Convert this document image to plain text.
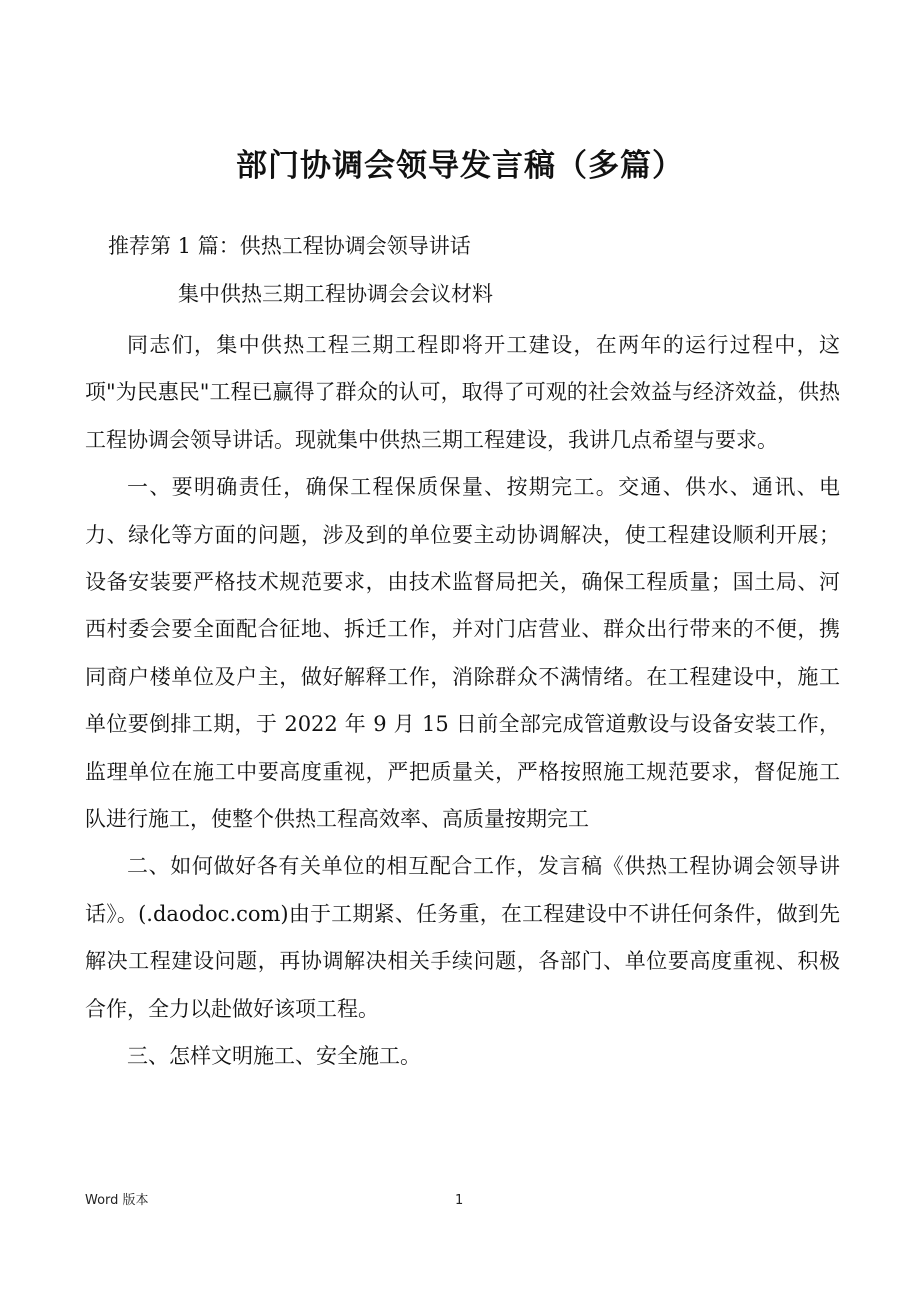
部门协调会领导发言稿（多篇）

推荐第 1 篇：供热工程协调会领导讲话

集中供热三期工程协调会会议材料

同志们，集中供热工程三期工程即将开工建设，在两年的运行过程中，这项"为民惠民"工程已赢得了群众的认可，取得了可观的社会效益与经济效益，供热工程协调会领导讲话。现就集中供热三期工程建设，我讲几点希望与要求。

一、要明确责任，确保工程保质保量、按期完工。交通、供水、通讯、电力、绿化等方面的问题，涉及到的单位要主动协调解决，使工程建设顺利开展；设备安装要严格技术规范要求，由技术监督局把关，确保工程质量；国土局、河西村委会要全面配合征地、拆迁工作，并对门店营业、群众出行带来的不便，携同商户楼单位及户主，做好解释工作，消除群众不满情绪。在工程建设中，施工单位要倒排工期，于 2022 年 9 月 15 日前全部完成管道敷设与设备安装工作，监理单位在施工中要高度重视，严把质量关，严格按照施工规范要求，督促施工队进行施工，使整个供热工程高效率、高质量按期完工

二、如何做好各有关单位的相互配合工作，发言稿《供热工程协调会领导讲话》。(.daodoc.com)由于工期紧、任务重，在工程建设中不讲任何条件，做到先解决工程建设问题，再协调解决相关手续问题，各部门、单位要高度重视、积极合作，全力以赴做好该项工程。

三、怎样文明施工、安全施工。

Word 版本	1
